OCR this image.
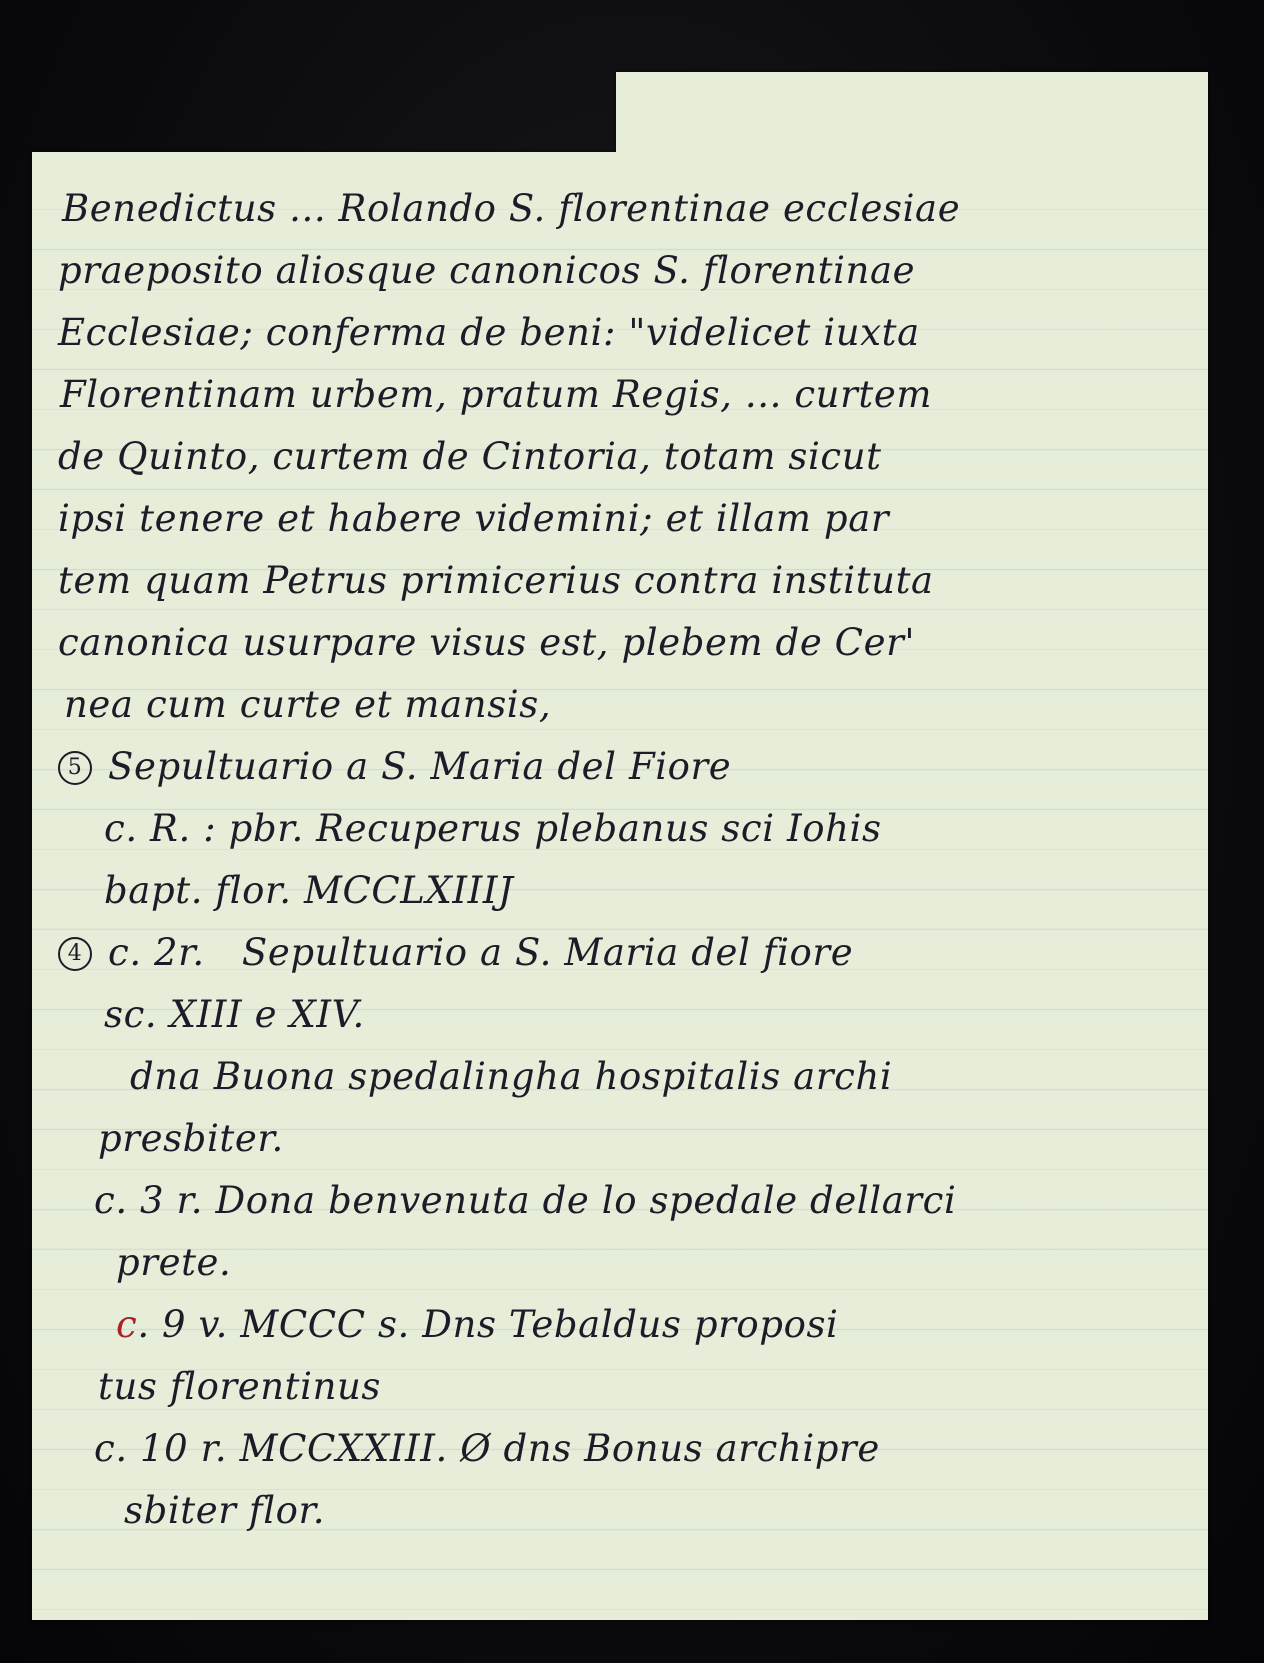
Benedictus ... Rolando S. florentinae ecclesiae
praeposito aliosque canonicos S. florentinae
Ecclesiae; conferma de beni: "videlicet iuxta
Florentinam urbem, pratum Regis, ... curtem
de Quinto, curtem de Cintoria, totam sicut
ipsi tenere et habere videmini; et illam par
tem quam Petrus primicerius contra instituta
canonica usurpare visus est, plebem de Cer'
nea cum curte et mansis,
5 Sepultuario a S. Maria del Fiore
c. R. : pbr. Recuperus plebanus sci Iohis
bapt. flor. MCCLXIIIJ
4 c. 2r. Sepultuario a S. Maria del fiore
sc. XIII e XIV.
dna Buona spedalingha hospitalis archi
presbiter.
c. 3 r. Dona benvenuta de lo spedale dellarci
prete.
c. 9 v. MCCC s. Dns Tebaldus proposi
tus florentinus
c. 10 r. MCCXXIII. Ø dns Bonus archipre
sbiter flor.
